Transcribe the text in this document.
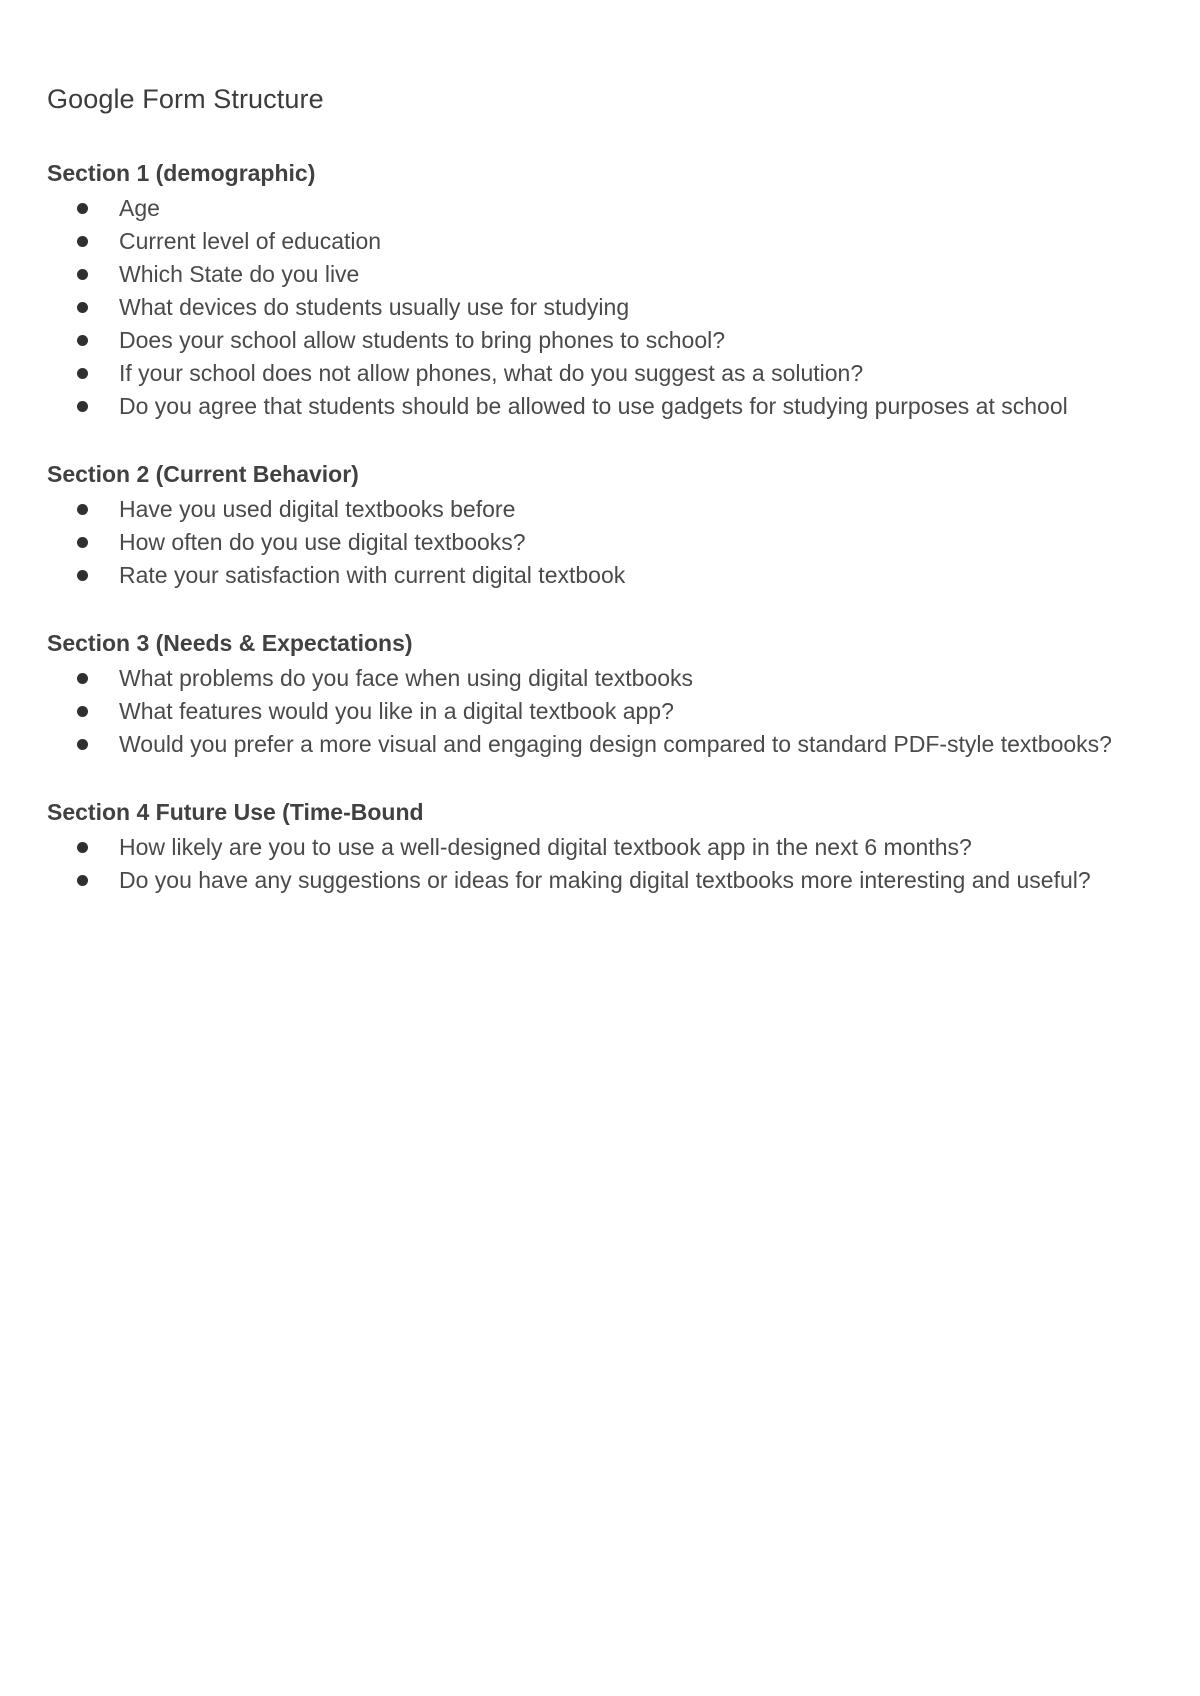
Google Form Structure
Section 1 (demographic)
Age
Current level of education
Which State do you live
What devices do students usually use for studying
Does your school allow students to bring phones to school?
If your school does not allow phones, what do you suggest as a solution?
Do you agree that students should be allowed to use gadgets for studying purposes at school
Section 2 (Current Behavior)
Have you used digital textbooks before
How often do you use digital textbooks?
Rate your satisfaction with current digital textbook
Section 3 (Needs & Expectations)
What problems do you face when using digital textbooks
What features would you like in a digital textbook app?
Would you prefer a more visual and engaging design compared to standard PDF-style textbooks?
Section 4 Future Use (Time-Bound
How likely are you to use a well-designed digital textbook app in the next 6 months?
Do you have any suggestions or ideas for making digital textbooks more interesting and useful?
